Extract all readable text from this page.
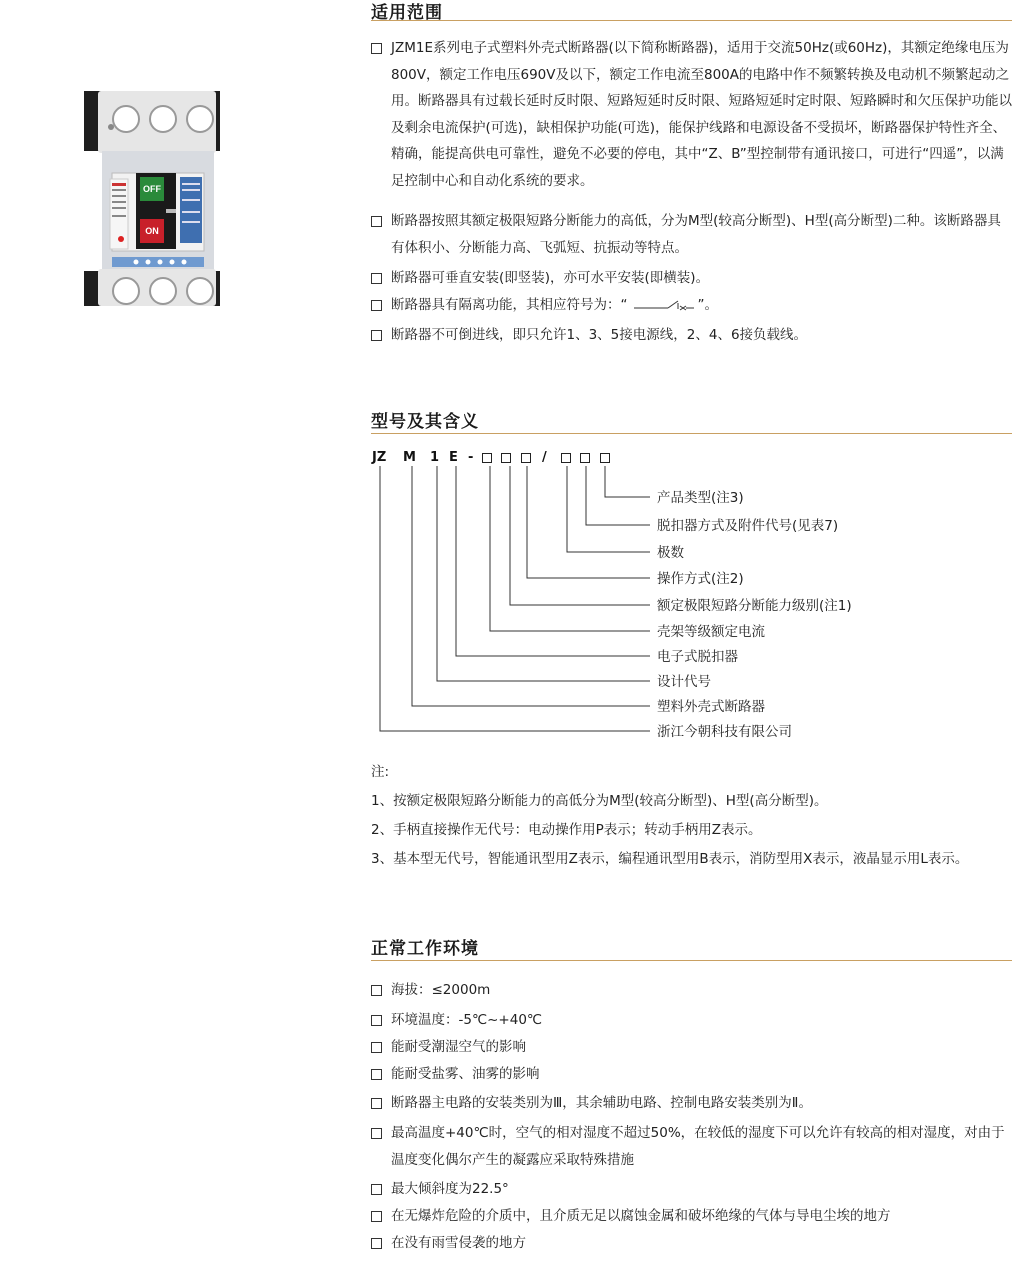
OFF
ON
适用范围
JZM1E系列电子式塑料外壳式断路器(以下简称断路器)，适用于交流50Hz(或60Hz)，其额定绝缘电压为800V，额定工作电压690V及以下，额定工作电流至800A的电路中作不频繁转换及电动机不频繁起动之用。断路器具有过载长延时反时限、短路短延时反时限、短路短延时定时限、短路瞬时和欠压保护功能以及剩余电流保护(可选)，缺相保护功能(可选)，能保护线路和电源设备不受损坏，断路器保护特性齐全、精确，能提高供电可靠性，避免不必要的停电，其中“Z、B”型控制带有通讯接口，可进行“四遥”，以满足控制中心和自动化系统的要求。
断路器按照其额定极限短路分断能力的高低，分为M型(较高分断型)、H型(高分断型)二种。该断路器具有体积小、分断能力高、飞弧短、抗振动等特点。
断路器可垂直安装(即竖装)，亦可水平安装(即横装)。
断路器具有隔离功能，其相应符号为：“	”。
断路器不可倒进线，即只允许1、3、5接电源线，2、4、6接负载线。
型号及其含义
JZ M 1 E -	/
产品类型(注3)
脱扣器方式及附件代号(见表7)
极数
操作方式(注2)
额定极限短路分断能力级别(注1)
壳架等级额定电流
电子式脱扣器
设计代号
塑料外壳式断路器
浙江今朝科技有限公司
注:
1、按额定极限短路分断能力的高低分为M型(较高分断型)、H型(高分断型)。
2、手柄直接操作无代号：电动操作用P表示；转动手柄用Z表示。
3、基本型无代号，智能通讯型用Z表示，编程通讯型用B表示，消防型用X表示，液晶显示用L表示。
正常工作环境
海拔：≤2000m
环境温度：-5℃~+40℃
能耐受潮湿空气的影响
能耐受盐雾、油雾的影响
断路器主电路的安装类别为Ⅲ，其余辅助电路、控制电路安装类别为Ⅱ。
最高温度+40℃时，空气的相对湿度不超过50%，在较低的湿度下可以允许有较高的相对湿度，对由于温度变化偶尔产生的凝露应采取特殊措施
最大倾斜度为22.5°
在无爆炸危险的介质中，且介质无足以腐蚀金属和破坏绝缘的气体与导电尘埃的地方
在没有雨雪侵袭的地方
